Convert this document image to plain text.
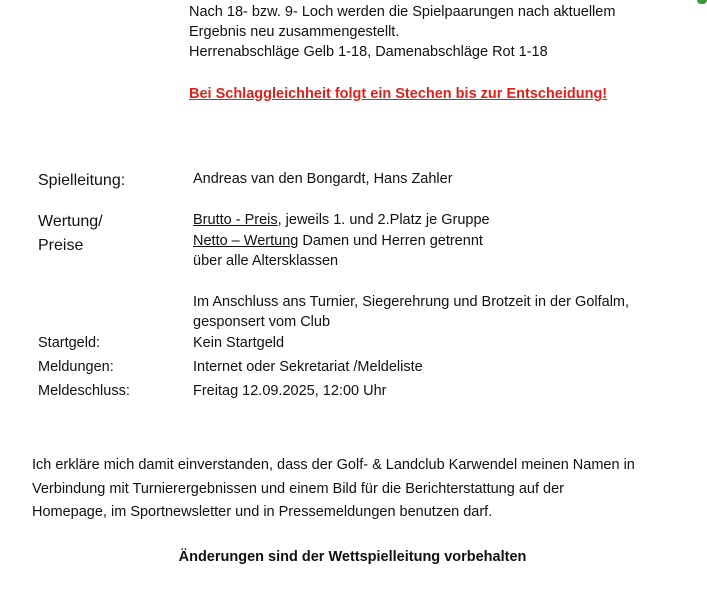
Nach 18- bzw. 9- Loch werden die Spielpaarungen nach aktuellem
Ergebnis neu zusammengestellt.
Herrenabschläge Gelb 1-18, Damenabschläge Rot 1-18
Bei Schlaggleichheit folgt ein Stechen bis zur Entscheidung!
Spielleitung:	Andreas van den Bongardt, Hans Zahler
Wertung/
Preise
Brutto - Preis, jeweils 1. und 2.Platz je Gruppe
Netto – Wertung Damen und Herren getrennt
über alle Altersklassen
Im Anschluss ans Turnier, Siegerehrung und Brotzeit in der Golfalm,
gesponsert vom Club
Startgeld:	Kein Startgeld
Meldungen:	Internet oder Sekretariat /Meldeliste
Meldeschluss:	Freitag 12.09.2025, 12:00 Uhr
Ich erkläre mich damit einverstanden, dass der Golf- & Landclub Karwendel meinen Namen in
Verbindung mit Turnierergebnissen und einem Bild für die Berichterstattung auf der
Homepage, im Sportnewsletter und in Pressemeldungen benutzen darf.
Änderungen sind der Wettspielleitung vorbehalten
